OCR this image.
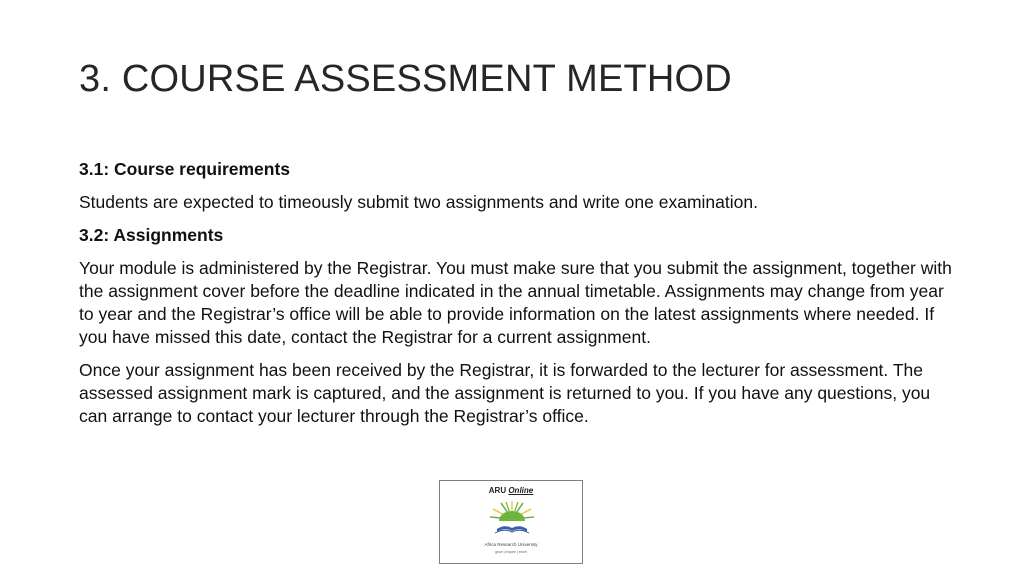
3. COURSE ASSESSMENT METHOD

3.1: Course requirements

Students are expected to timeously submit two assignments and write one examination.

3.2: Assignments

Your module is administered by the Registrar. You must make sure that you submit the assignment, together with the assignment cover before the deadline indicated in the annual timetable. Assignments may change from year to year and the Registrar’s office will be able to provide information on the latest assignments where needed. If you have missed this date, contact the Registrar for a current assignment.

Once your assignment has been received by the Registrar, it is forwarded to the lecturer for assessment. The assessed assignment mark is captured, and the assignment is returned to you. If you have any questions, you can arrange to contact your lecturer through the Registrar’s office.

ARU Online
Africa Research University
grow | inspire | excel
